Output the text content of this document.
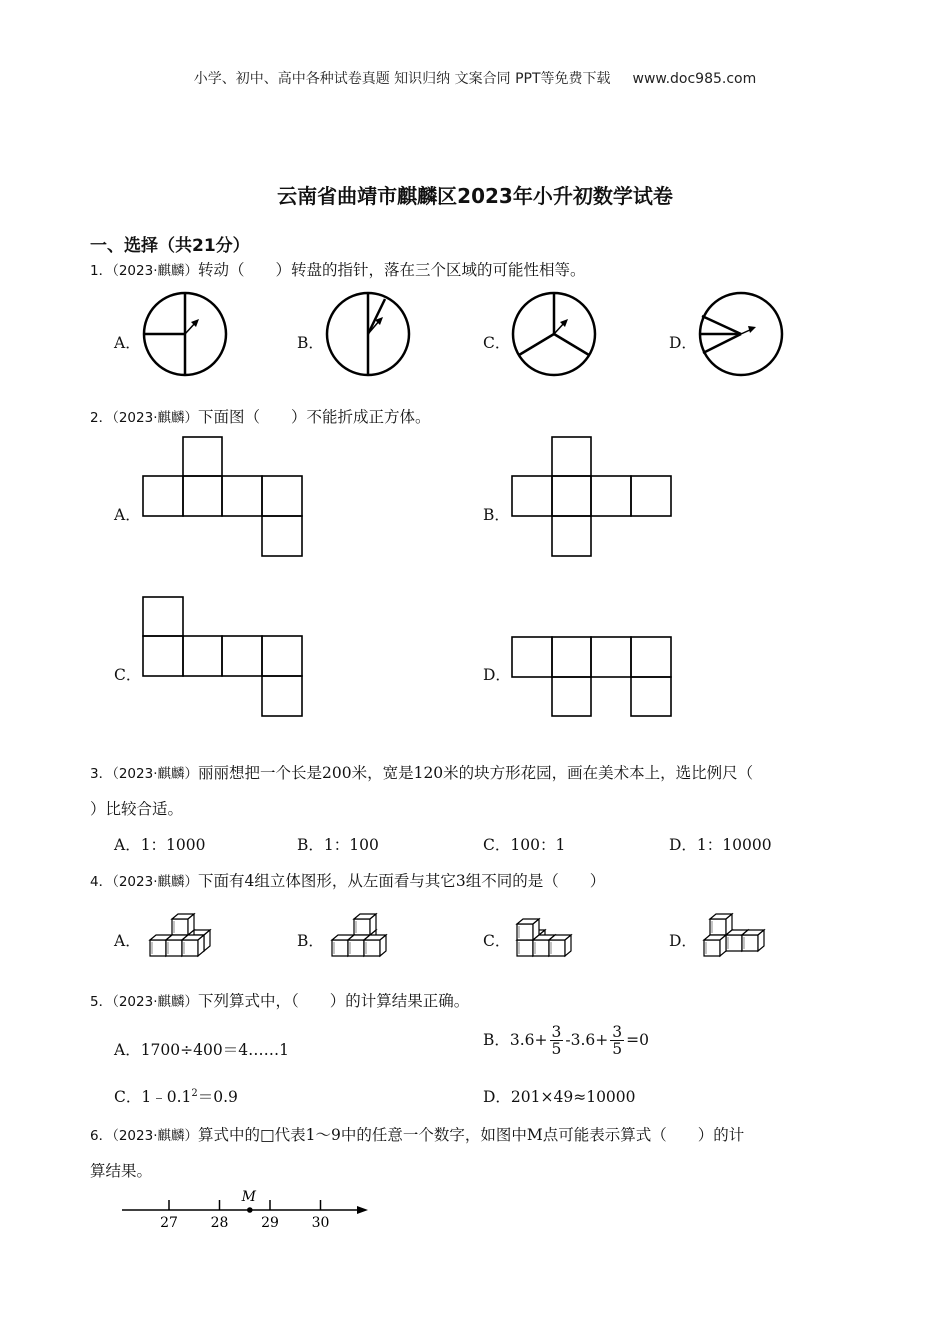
小学、初中、高中各种试卷真题 知识归纳 文案合同 PPT等免费下载 www.doc985.com
云南省曲靖市麒麟区2023年小升初数学试卷
一、选择（共21分）
1．（2023·麒麟）转动（　　）转盘的指针，落在三个区域的可能性相等。
A．	B．	C．	D．
2．（2023·麒麟）下面图（　　）不能折成正方体。
A．	B．
C．	D．
3．（2023·麒麟）丽丽想把一个长是200米，宽是120米的块方形花园，画在美术本上，选比例尺（
）比较合适。
A．1：1000	B．1：100	C．100：1	D．1：10000
4．（2023·麒麟）下面有4组立体图形，从左面看与其它3组不同的是（　　）
A．	B．	C．	D．
5．（2023·麒麟）下列算式中，（　　）的计算结果正确。
A．1700÷400＝4……1
B．$3.6+ \frac{3}{5} -3.6+ \frac{3}{5} =0$
C．$1﹣0.1^2=0.9$	D．201×49≈10000
6．（2023·麒麟）算式中的□代表1～9中的任意一个数字，如图中M点可能表示算式（　　）的计
算结果。
27 28 29 30
M
